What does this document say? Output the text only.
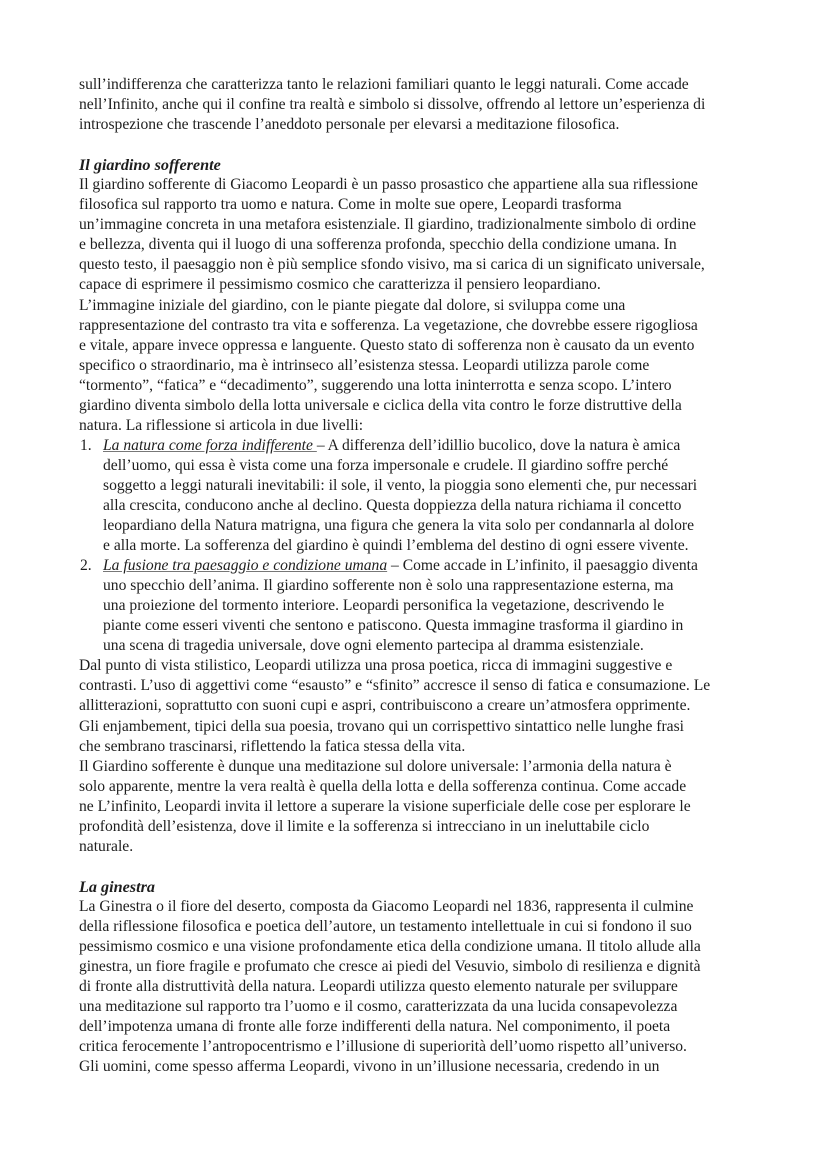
sull’indifferenza che caratterizza tanto le relazioni familiari quanto le leggi naturali. Come accade
nell’Infinito, anche qui il confine tra realtà e simbolo si dissolve, offrendo al lettore un’esperienza di
introspezione che trascende l’aneddoto personale per elevarsi a meditazione filosofica.
Il giardino sofferente
Il giardino sofferente di Giacomo Leopardi è un passo prosastico che appartiene alla sua riflessione
filosofica sul rapporto tra uomo e natura. Come in molte sue opere, Leopardi trasforma
un’immagine concreta in una metafora esistenziale. Il giardino, tradizionalmente simbolo di ordine
e bellezza, diventa qui il luogo di una sofferenza profonda, specchio della condizione umana. In
questo testo, il paesaggio non è più semplice sfondo visivo, ma si carica di un significato universale,
capace di esprimere il pessimismo cosmico che caratterizza il pensiero leopardiano.
L’immagine iniziale del giardino, con le piante piegate dal dolore, si sviluppa come una
rappresentazione del contrasto tra vita e sofferenza. La vegetazione, che dovrebbe essere rigogliosa
e vitale, appare invece oppressa e languente. Questo stato di sofferenza non è causato da un evento
specifico o straordinario, ma è intrinseco all’esistenza stessa. Leopardi utilizza parole come
“tormento”, “fatica” e “decadimento”, suggerendo una lotta ininterrotta e senza scopo. L’intero
giardino diventa simbolo della lotta universale e ciclica della vita contro le forze distruttive della
natura. La riflessione si articola in due livelli:
1. La natura come forza indifferente – A differenza dell’idillio bucolico, dove la natura è amica
dell’uomo, qui essa è vista come una forza impersonale e crudele. Il giardino soffre perché
soggetto a leggi naturali inevitabili: il sole, il vento, la pioggia sono elementi che, pur necessari
alla crescita, conducono anche al declino. Questa doppiezza della natura richiama il concetto
leopardiano della Natura matrigna, una figura che genera la vita solo per condannarla al dolore
e alla morte. La sofferenza del giardino è quindi l’emblema del destino di ogni essere vivente.
2. La fusione tra paesaggio e condizione umana – Come accade in L’infinito, il paesaggio diventa
uno specchio dell’anima. Il giardino sofferente non è solo una rappresentazione esterna, ma
una proiezione del tormento interiore. Leopardi personifica la vegetazione, descrivendo le
piante come esseri viventi che sentono e patiscono. Questa immagine trasforma il giardino in
una scena di tragedia universale, dove ogni elemento partecipa al dramma esistenziale.
Dal punto di vista stilistico, Leopardi utilizza una prosa poetica, ricca di immagini suggestive e
contrasti. L’uso di aggettivi come “esausto” e “sfinito” accresce il senso di fatica e consumazione. Le
allitterazioni, soprattutto con suoni cupi e aspri, contribuiscono a creare un’atmosfera opprimente.
Gli enjambement, tipici della sua poesia, trovano qui un corrispettivo sintattico nelle lunghe frasi
che sembrano trascinarsi, riflettendo la fatica stessa della vita.
Il Giardino sofferente è dunque una meditazione sul dolore universale: l’armonia della natura è
solo apparente, mentre la vera realtà è quella della lotta e della sofferenza continua. Come accade
ne L’infinito, Leopardi invita il lettore a superare la visione superficiale delle cose per esplorare le
profondità dell’esistenza, dove il limite e la sofferenza si intrecciano in un ineluttabile ciclo
naturale.
La ginestra
La Ginestra o il fiore del deserto, composta da Giacomo Leopardi nel 1836, rappresenta il culmine
della riflessione filosofica e poetica dell’autore, un testamento intellettuale in cui si fondono il suo
pessimismo cosmico e una visione profondamente etica della condizione umana. Il titolo allude alla
ginestra, un fiore fragile e profumato che cresce ai piedi del Vesuvio, simbolo di resilienza e dignità
di fronte alla distruttività della natura. Leopardi utilizza questo elemento naturale per sviluppare
una meditazione sul rapporto tra l’uomo e il cosmo, caratterizzata da una lucida consapevolezza
dell’impotenza umana di fronte alle forze indifferenti della natura. Nel componimento, il poeta
critica ferocemente l’antropocentrismo e l’illusione di superiorità dell’uomo rispetto all’universo.
Gli uomini, come spesso afferma Leopardi, vivono in un’illusione necessaria, credendo in un
